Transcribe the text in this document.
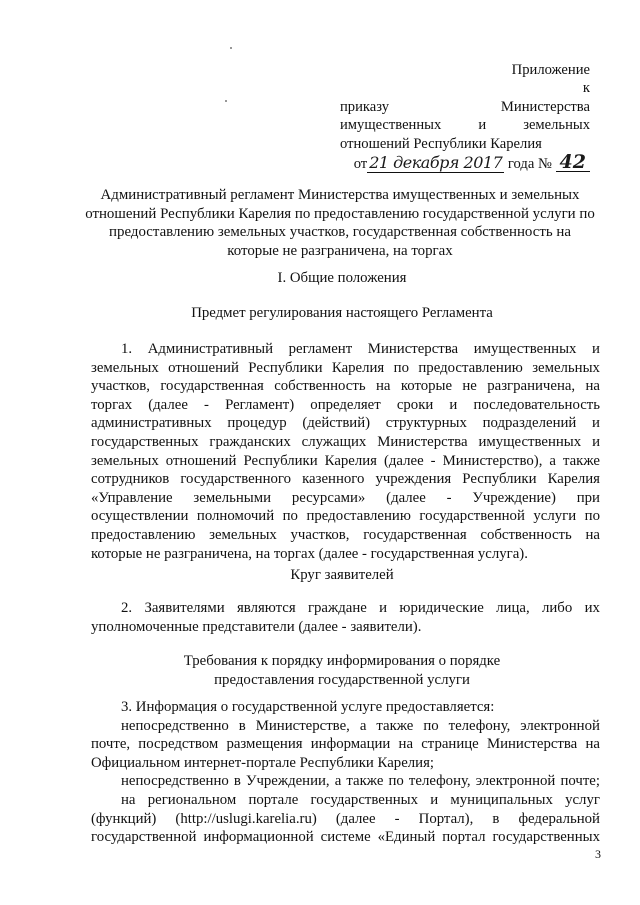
Приложение
к
приказу	Министерства
имущественных	и	земельных
отношений Республики Карелия
от 21 декабря 2017 года № 42
Административный регламент Министерства имущественных и земельных отношений Республики Карелия по предоставлению государственной услуги по предоставлению земельных участков, государственная собственность на которые не разграничена, на торгах
I. Общие положения
Предмет регулирования настоящего Регламента
1. Административный регламент Министерства имущественных и
земельных отношений Республики Карелия по предоставлению земельных
участков, государственная собственность на которые не разграничена, на
торгах (далее - Регламент) определяет сроки и последовательность
административных процедур (действий) структурных подразделений и
государственных гражданских служащих Министерства имущественных и
земельных отношений Республики Карелия (далее - Министерство), а также
сотрудников государственного казенного учреждения Республики Карелия
«Управление земельными ресурсами» (далее - Учреждение) при
осуществлении полномочий по предоставлению государственной услуги по
предоставлению земельных участков, государственная собственность на
которые не разграничена, на торгах (далее - государственная услуга).
Круг заявителей
2. Заявителями являются граждане и юридические лица, либо их
уполномоченные представители (далее - заявители).
Требования к порядку информирования о порядке
предоставления государственной услуги
3. Информация о государственной услуге предоставляется:
непосредственно в Министерстве, а также по телефону, электронной
почте, посредством размещения информации на странице Министерства на
Официальном интернет-портале Республики Карелия;
непосредственно в Учреждении, а также по телефону, электронной почте;
на региональном портале государственных и муниципальных услуг
(функций) (http://uslugi.karelia.ru) (далее - Портал), в федеральной
государственной информационной системе «Единый портал государственных
3
